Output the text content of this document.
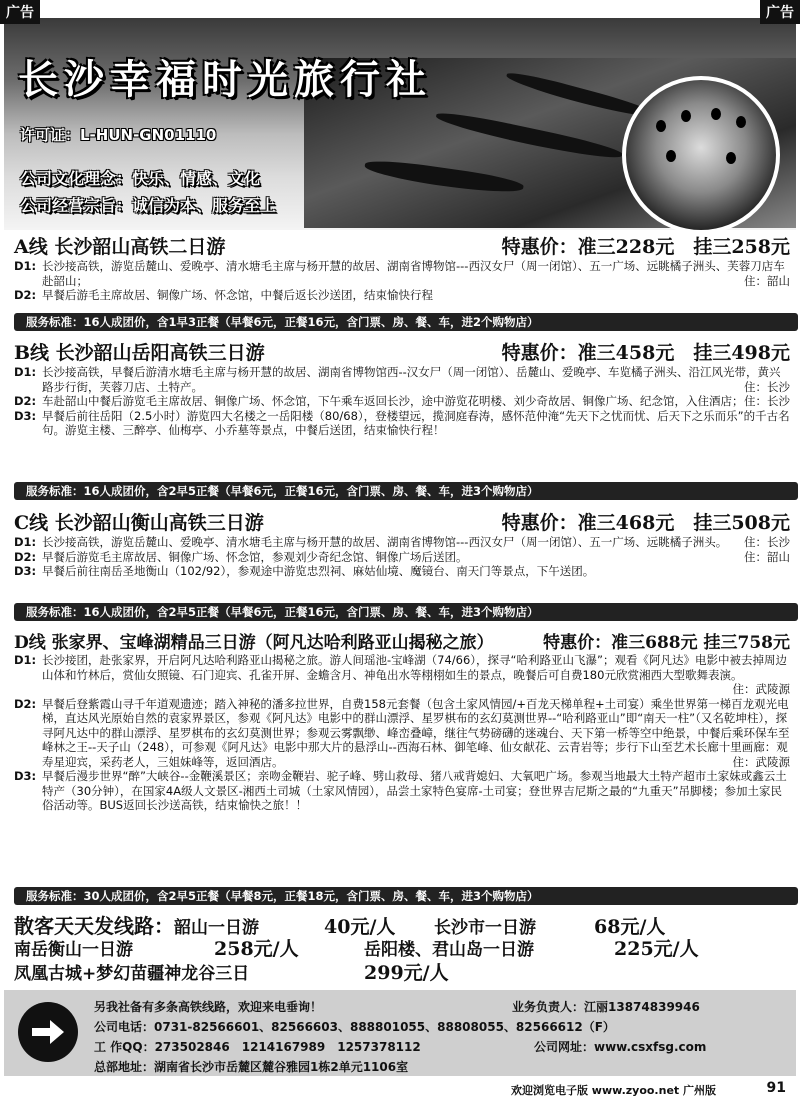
广告	广告
长沙幸福时光旅行社
许可证：L-HUN-GN01110
公司文化理念：快乐、情感、文化
公司经营宗旨：诚信为本、服务至上
A线 长沙韶山高铁二日游	特惠价：准三228元　挂三258元
D1: 长沙接高铁，游览岳麓山、爱晚亭、清水塘毛主席与杨开慧的故居、湖南省博物馆---西汉女尸（周一闭馆）、五一广场、远眺橘子洲头、芙蓉刀店车赴韶山；	住：韶山
D2: 早餐后游毛主席故居、铜像广场、怀念馆，中餐后返长沙送团，结束愉快行程
服务标准：16人成团价，含1早3正餐（早餐6元，正餐16元，含门票、房、餐、车，进2个购物店）
B线 长沙韶山岳阳高铁三日游	特惠价：准三458元　挂三498元
D1: 长沙接高铁，早餐后游清水塘毛主席与杨开慧的故居、湖南省博物馆西--汉女尸（周一闭馆）、岳麓山、爱晚亭、车览橘子洲头、沿江风光带，黄兴路步行街，芙蓉刀店、土特产。	住：长沙
D2: 车赴韶山中餐后游览毛主席故居、铜像广场、怀念馆，下午乘车返回长沙，途中游览花明楼、刘少奇故居、铜像广场、纪念馆，入住酒店； 住：长沙
D3: 早餐后前往岳阳（2.5小时）游览四大名楼之一岳阳楼（80/68），登楼望远，揽洞庭春涛，感怀范仲淹“先天下之忧而忧、后天下之乐而乐”的千古名句。游览主楼、三醉亭、仙梅亭、小乔墓等景点，中餐后送团，结束愉快行程！
服务标准：16人成团价，含2早5正餐（早餐6元，正餐16元，含门票、房、餐、车，进3个购物店）
C线 长沙韶山衡山高铁三日游	特惠价：准三468元　挂三508元
D1: 长沙接高铁，游览岳麓山、爱晚亭、清水塘毛主席与杨开慧的故居、湖南省博物馆---西汉女尸（周一闭馆）、五一广场、远眺橘子洲头。 住：长沙
D2: 早餐后游览毛主席故居、铜像广场、怀念馆，参观刘少奇纪念馆、铜像广场后送团。	住：韶山
D3: 早餐后前往南岳圣地衡山（102/92），参观途中游览忠烈祠、麻姑仙境、魔镜台、南天门等景点，下午送团。
服务标准：16人成团价，含2早5正餐（早餐6元，正餐16元，含门票、房、餐、车，进3个购物店）
D线 张家界、宝峰湖精品三日游（阿凡达哈利路亚山揭秘之旅）	特惠价：准三688元 挂三758元
D1: 长沙接团，赴张家界，开启阿凡达哈利路亚山揭秘之旅。游人间瑶池-宝峰湖（74/66），探寻“哈利路亚山飞瀑”；观看《阿凡达》电影中被去掉周边山体和竹林后，赏仙女照镜、石门迎宾、孔雀开屏、金蟾含月、神龟出水等栩栩如生的景点，晚餐后可自费180元欣赏湘西大型歌舞表演。
住：武陵源
D2: 早餐后登紫霞山寻千年道观遗迹；踏入神秘的潘多拉世界，自费158元套餐（包含土家风情园/+百龙天梯单程+土司宴）乘坐世界第一梯百龙观光电梯，直达风光原始自然的袁家界景区，参观《阿凡达》电影中的群山漂浮、星罗棋布的玄幻莫测世界--“哈利路亚山”即“南天一柱”（又名乾坤柱），探寻阿凡达中的群山漂浮、星罗棋布的玄幻莫测世界；参观云雾飘缈、峰峦叠嶂，继往气势磅礴的迷魂台、天下第一桥等空中绝景，中餐后乘环保车至峰林之王--天子山（248），可参观《阿凡达》电影中那大片的悬浮山--西海石林、御笔峰、仙女献花、云青岩等；步行下山至艺术长廊十里画廊：观寿星迎宾，采药老人，三姐妹峰等，返回酒店。	住：武陵源
D3: 早餐后漫步世界“醉”大峡谷--金鞭溪景区；亲吻金鞭岩、驼子峰、劈山救母、猪八戒背媳妇、大氧吧广场。参观当地最大土特产超市土家妹或鑫云土特产（30分钟），在国家4A级人文景区-湘西土司城（土家风情园），品尝土家特色宴席-土司宴；登世界吉尼斯之最的“九重天”吊脚楼；参加土家民俗活动等。BUS返回长沙送高铁，结束愉快之旅！！
服务标准：30人成团价，含2早5正餐（早餐8元，正餐18元，含门票、房、餐、车，进3个购物店）
散客天天发线路： 韶山一日游	40元/人	长沙市一日游	68元/人
南岳衡山一日游	258元/人	岳阳楼、君山岛一日游	225元/人
凤凰古城+梦幻苗疆神龙谷三日	299元/人
另我社备有多条高铁线路，欢迎来电垂询！	业务负责人：江丽13874839946
公司电话：0731-82566601、82566603、888801055、88808055、82566612（F）
工 作QQ：273502846　1214167989　1257378112	公司网址：www.csxfsg.com
总部地址：湖南省长沙市岳麓区麓谷雅园1栋2单元1106室
欢迎浏览电子版 www.zyoo.net 广州版	91
